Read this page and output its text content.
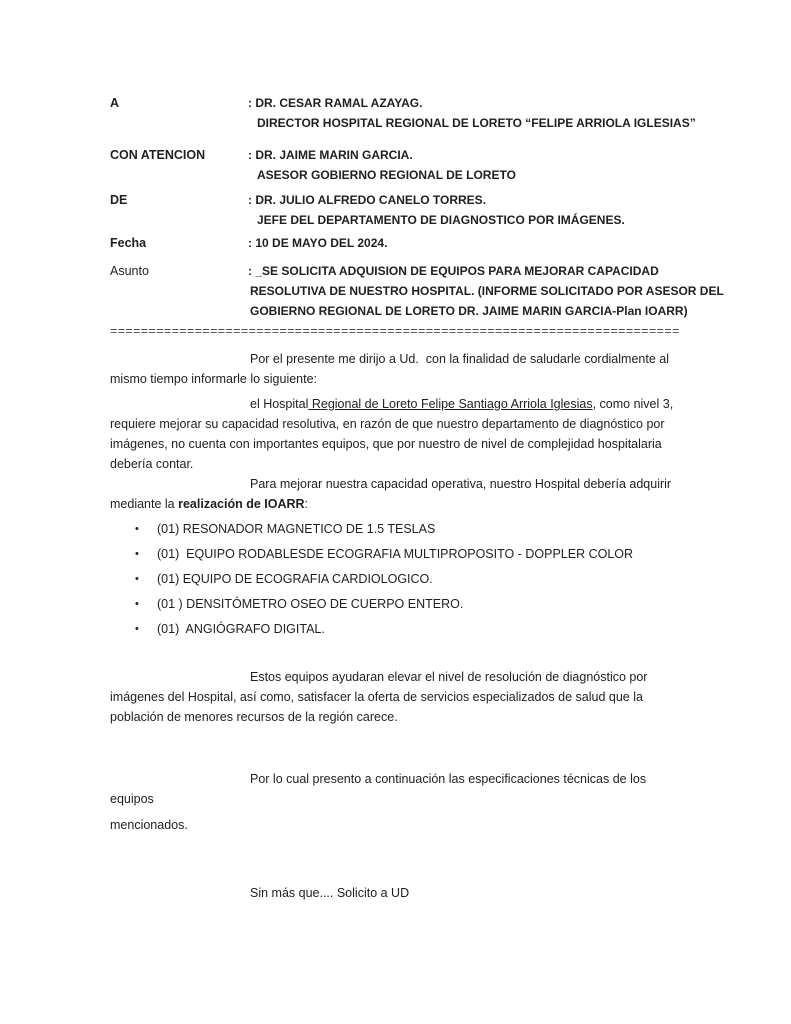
A	: DR. CESAR RAMAL AZAYAG.
DIRECTOR HOSPITAL REGIONAL DE LORETO “FELIPE ARRIOLA IGLESIAS”
CON ATENCION	: DR. JAIME MARIN GARCIA.
ASESOR GOBIERNO REGIONAL DE LORETO
DE	: DR. JULIO ALFREDO CANELO TORRES.
JEFE DEL DEPARTAMENTO DE DIAGNOSTICO POR IMÁGENES.
Fecha	: 10 DE MAYO DEL 2024.
Asunto	: _SE SOLICITA ADQUISION DE EQUIPOS PARA MEJORAR CAPACIDAD
RESOLUTIVA DE NUESTRO HOSPITAL. (INFORME SOLICITADO POR ASESOR DEL
GOBIERNO REGIONAL DE LORETO DR. JAIME MARIN GARCIA-Plan IOARR)
==========================================================================
Por el presente me dirijo a Ud.  con la finalidad de saludarle cordialmente al mismo tiempo informarle lo siguiente:
el Hospital Regional de Loreto Felipe Santiago Arriola Iglesias, como nivel 3, requiere mejorar su capacidad resolutiva, en razón de que nuestro departamento de diagnóstico por imágenes, no cuenta con importantes equipos, que por nuestro de nivel de complejidad hospitalaria debería contar.
Para mejorar nuestra capacidad operativa, nuestro Hospital debería adquirir mediante la realización de IOARR:
•	(01) RESONADOR MAGNETICO DE 1.5 TESLAS
•	(01)  EQUIPO RODABLESDE ECOGRAFIA MULTIPROPOSITO - DOPPLER COLOR
•	(01) EQUIPO DE ECOGRAFIA CARDIOLOGICO.
•	(01 ) DENSITÓMETRO OSEO DE CUERPO ENTERO.
•	(01)  ANGIÓGRAFO DIGITAL.
Estos equipos ayudaran elevar el nivel de resolución de diagnóstico por imágenes del Hospital, así como, satisfacer la oferta de servicios especializados de salud que la población de menores recursos de la región carece.
Por lo cual presento a continuación las especificaciones técnicas de los equipos
mencionados.
Sin más que.... Solicito a UD
